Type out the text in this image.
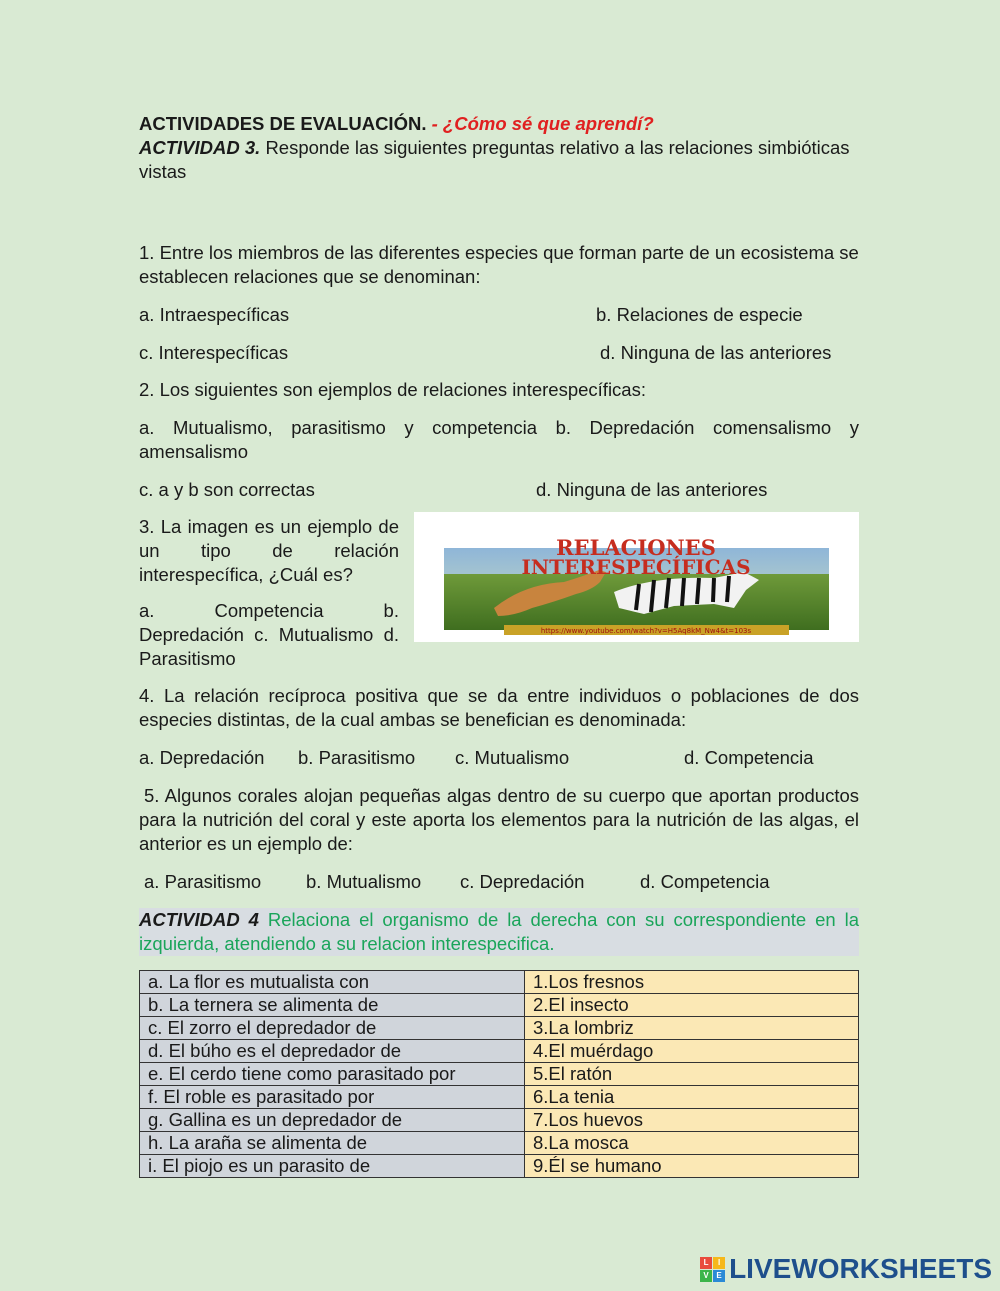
ACTIVIDADES DE EVALUACIÓN. - ¿Cómo sé que aprendí?

ACTIVIDAD 3. Responde las siguientes preguntas relativo a las relaciones simbióticas vistas

1. Entre los miembros de las diferentes especies que forman parte de un ecosistema se establecen relaciones que se denominan:

a. Intraespecíficas	b. Relaciones de especie
c. Interespecíficas	d. Ninguna de las anteriores

2. Los siguientes son ejemplos de relaciones interespecíficas:

a. Mutualismo, parasitismo y competencia b. Depredación comensalismo y amensalismo

c. a y b son correctas	d. Ninguna de las anteriores

3. La imagen es un ejemplo de un tipo de relación interespecífica, ¿Cuál es?

a. Competencia b. Depredación c. Mutualismo d. Parasitismo

RELACIONES
INTERESPECÍFICAS
https://www.youtube.com/watch?v=H5Aq8kM_Nw4&t=103s

4. La relación recíproca positiva que se da entre individuos o poblaciones de dos especies distintas, de la cual ambas se benefician es denominada:

a. Depredación b. Parasitismo c. Mutualismo	d. Competencia

5. Algunos corales alojan pequeñas algas dentro de su cuerpo que aportan productos para la nutrición del coral y este aporta los elementos para la nutrición de las algas, el anterior es un ejemplo de:

a. Parasitismo b. Mutualismo c. Depredación	d. Competencia

ACTIVIDAD 4 Relaciona el organismo de la derecha con su correspondiente en la izquierda, atendiendo a su relacion interespecifica.

a. La flor es mutualista con	1.Los fresnos
b. La ternera se alimenta de	2.El insecto
c. El zorro el depredador de	3.La lombriz
d. El búho es el depredador de	4.El muérdago
e. El cerdo tiene como parasitado por	5.El ratón
f. El roble es parasitado por	6.La tenia
g. Gallina es un depredador de	7.Los huevos
h. La araña se alimenta de	8.La mosca
i. El piojo es un parasito de	9.Él se humano
L	I
V E LIVEWORKSHEETS
